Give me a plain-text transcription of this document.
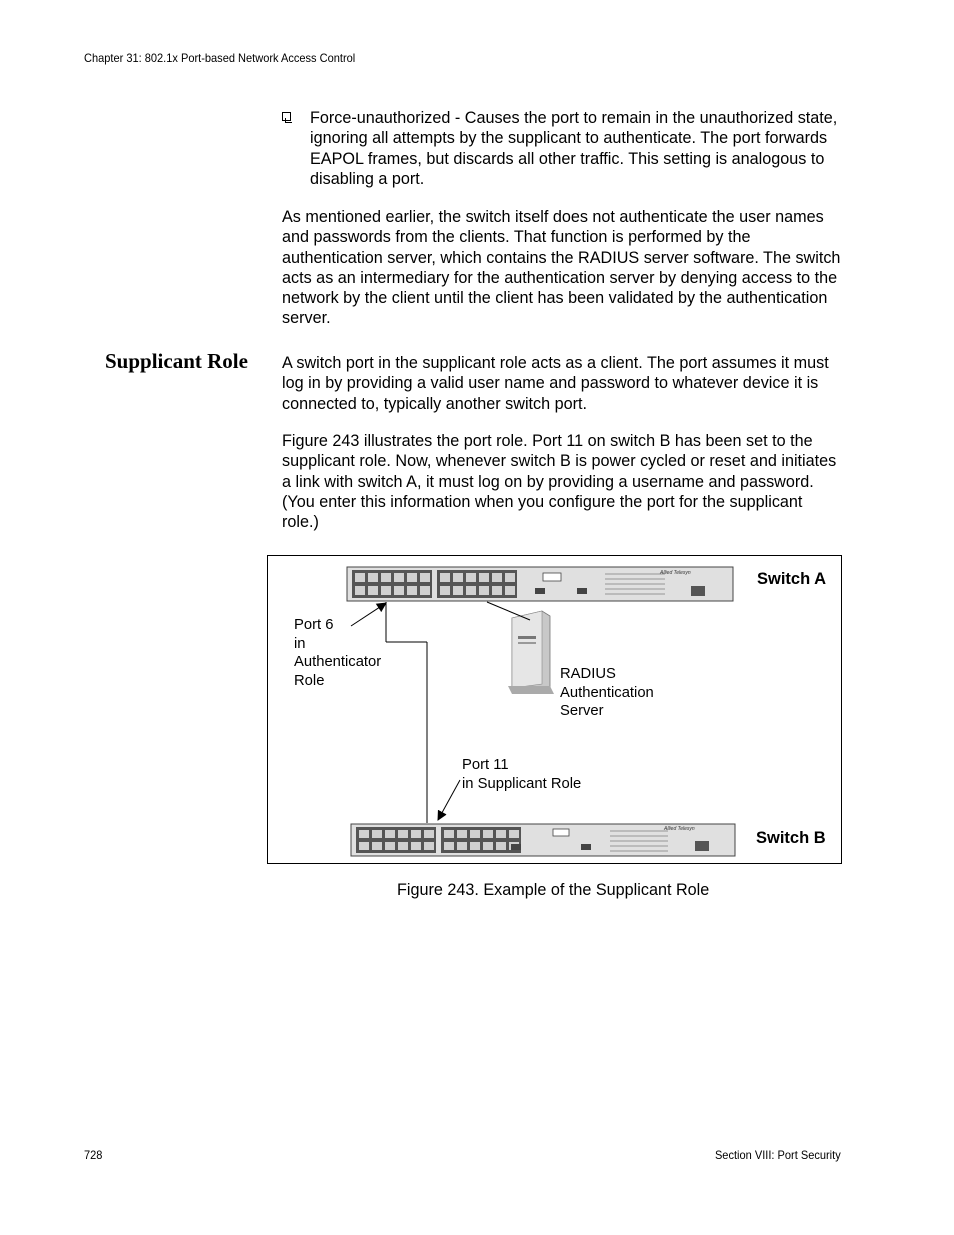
Chapter 31: 802.1x Port-based Network Access Control
Force-unauthorized - Causes the port to remain in the unauthorized state, ignoring all attempts by the supplicant to authenticate. The port forwards EAPOL frames, but discards all other traffic. This setting is analogous to disabling a port.

As mentioned earlier, the switch itself does not authenticate the user names and passwords from the clients. That function is performed by the authentication server, which contains the RADIUS server software. The switch acts as an intermediary for the authentication server by denying access to the network by the client until the client has been validated by the authentication server.

Supplicant Role A switch port in the supplicant role acts as a client. The port assumes it must log in by providing a valid user name and password to whatever device it is connected to, typically another switch port.

Figure 243 illustrates the port role. Port 11 on switch B has been set to the supplicant role. Now, whenever switch B is power cycled or reset and initiates a link with switch A, it must log on by providing a username and password. (You enter this information when you configure the port for the supplicant role.)

Allied Telesyn
Allied Telesyn
Switch A
Switch B
Port 6
in
Authenticator
Role	RADIUS
Authentication
Server
Port 11
in Supplicant Role
Figure 243. Example of the Supplicant Role
728	Section VIII: Port Security
